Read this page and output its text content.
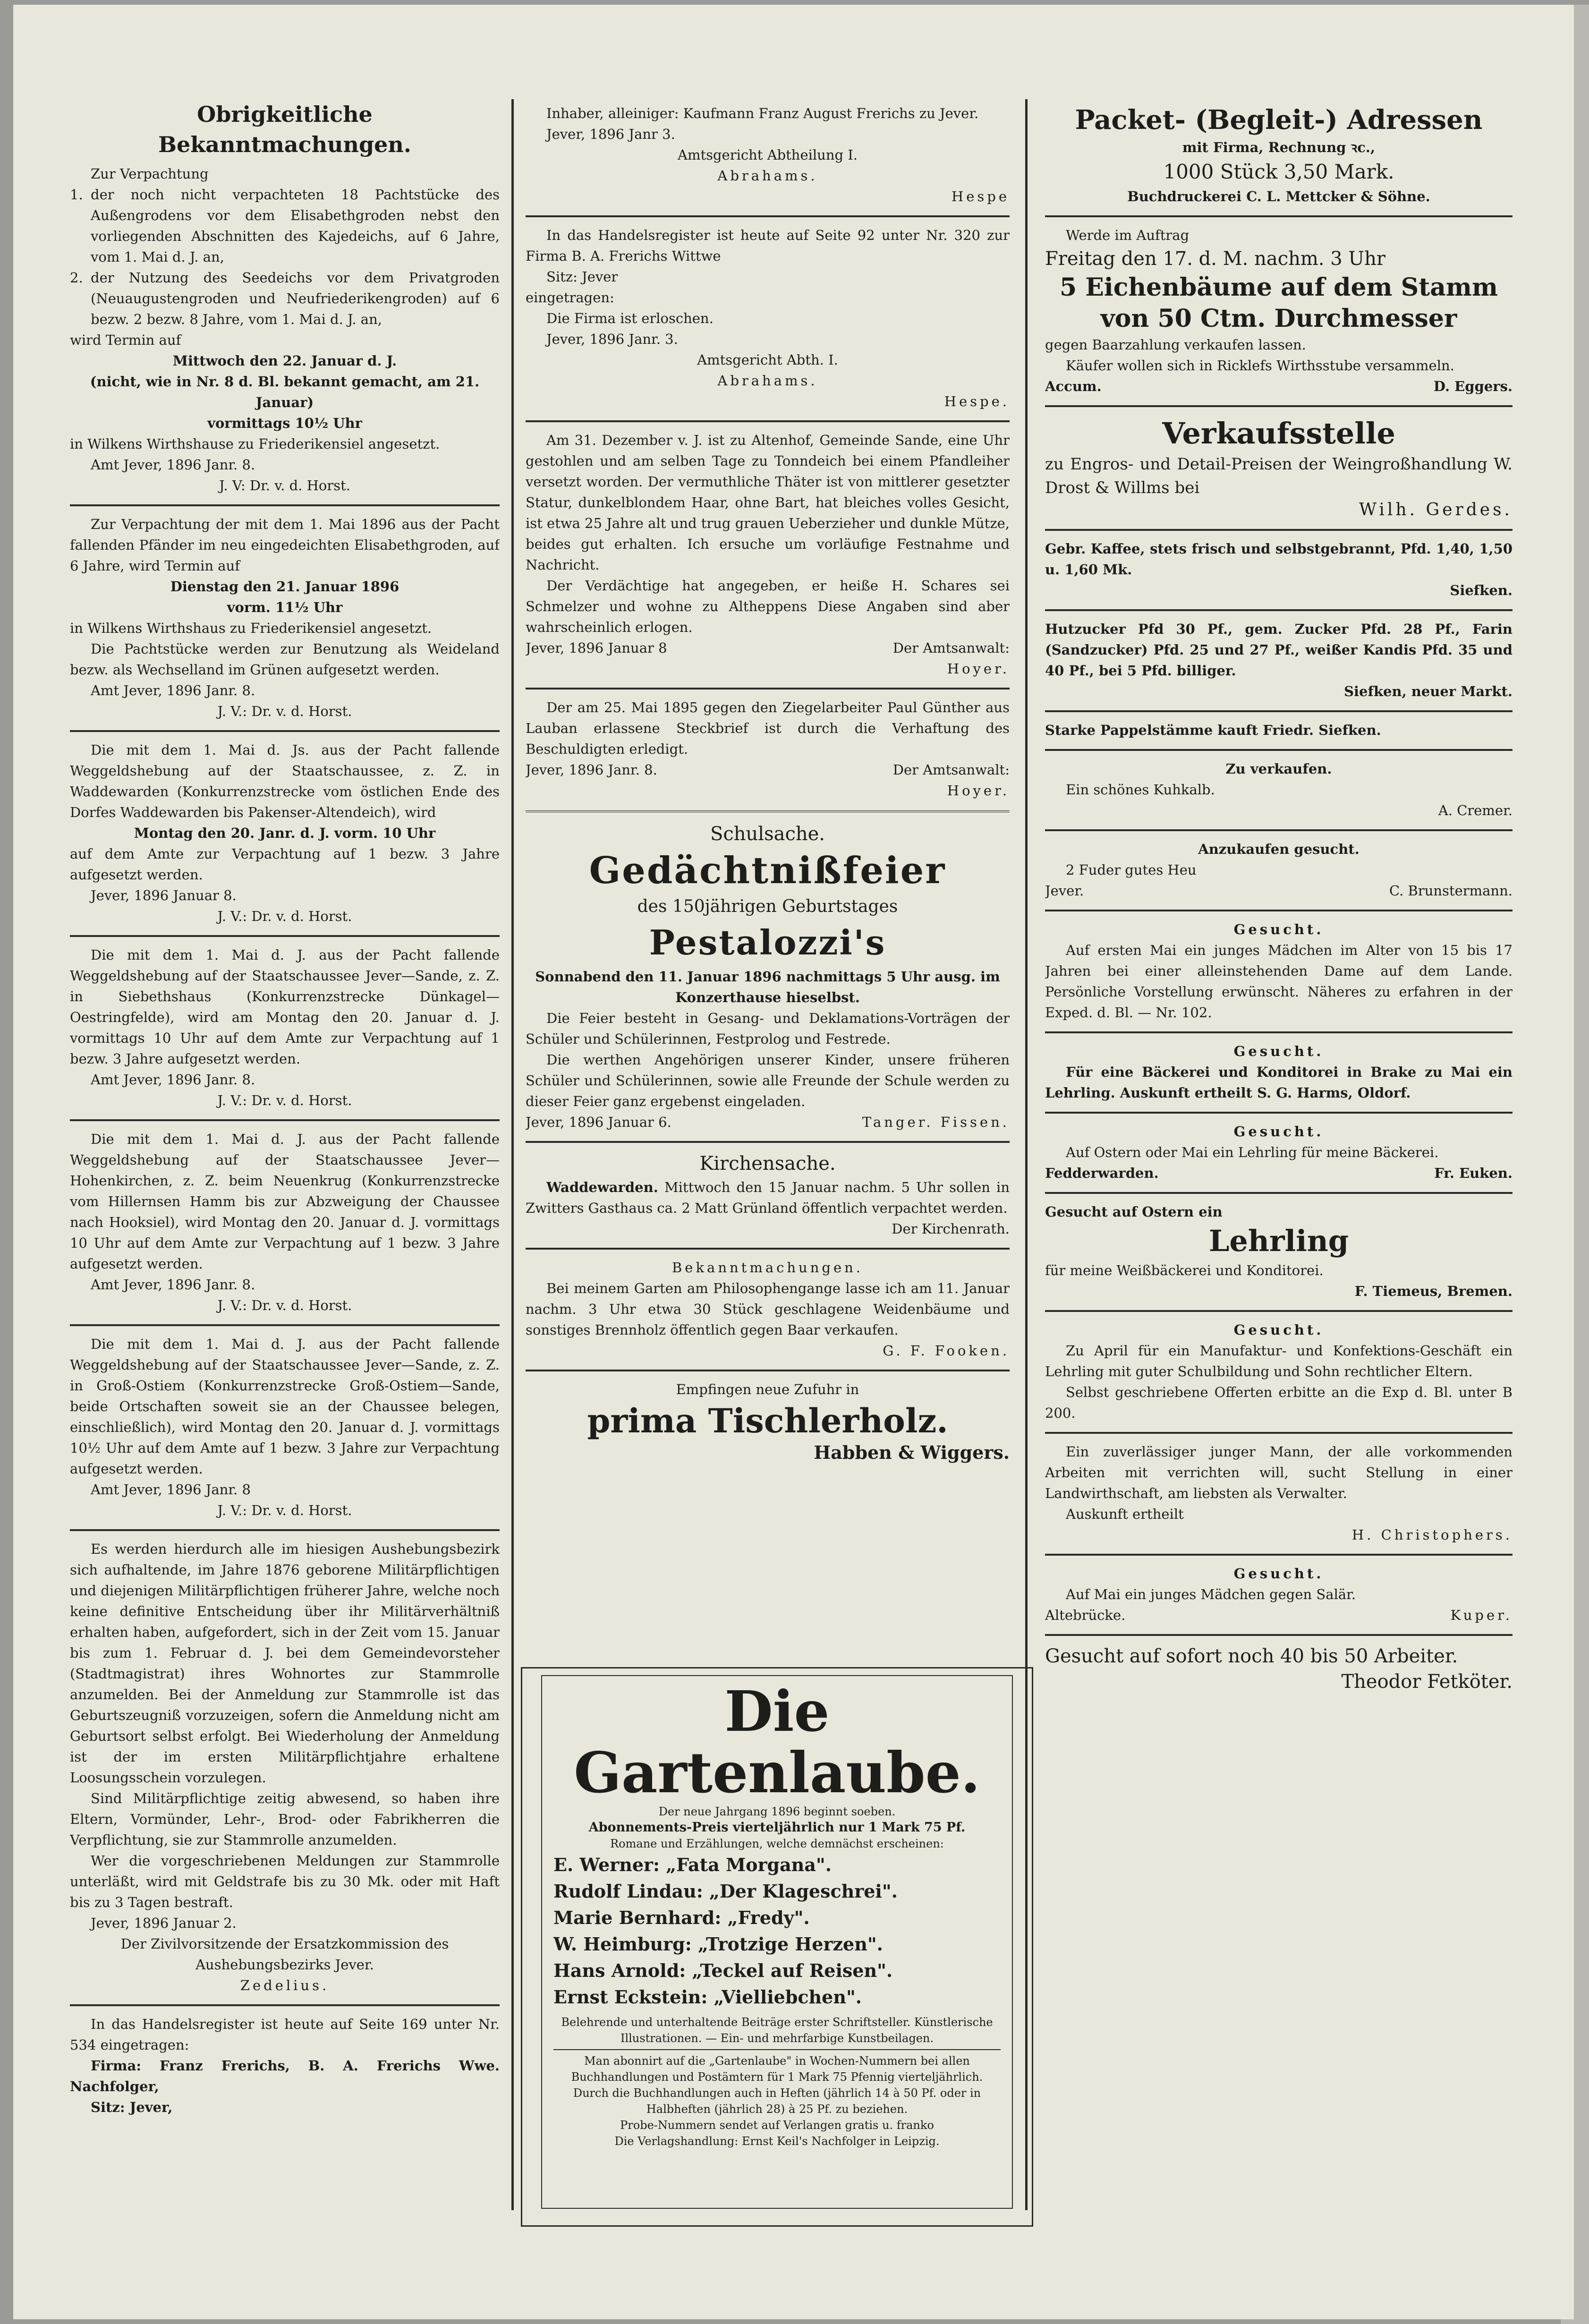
Obrigkeitliche Bekanntmachungen.

Zur Verpachtung

1. der noch nicht verpachteten 18 Pachtstücke des Außengrodens vor dem Elisabethgroden nebst den vorliegenden Abschnitten des Kajedeichs, auf 6 Jahre, vom 1. Mai d. J. an,
2. der Nutzung des Seedeichs vor dem Privatgroden (Neuaugustengroden und Neufriederikengroden) auf 6 bezw. 2 bezw. 8 Jahre, vom 1. Mai d. J. an,

wird Termin auf

Mittwoch den 22. Januar d. J.

(nicht, wie in Nr. 8 d. Bl. bekannt gemacht, am 21. Januar)

vormittags 10½ Uhr

in Wilkens Wirthshause zu Friederikensiel angesetzt.

Amt Jever, 1896 Janr. 8.

J. V: Dr. v. d. Horst.

Zur Verpachtung der mit dem 1. Mai 1896 aus der Pacht fallenden Pfänder im neu eingedeichten Elisabethgroden, auf 6 Jahre, wird Termin auf

Dienstag den 21. Januar 1896

vorm. 11½ Uhr

in Wilkens Wirthshaus zu Friederikensiel angesetzt.

Die Pachtstücke werden zur Benutzung als Weideland bezw. als Wechselland im Grünen aufgesetzt werden.

Amt Jever, 1896 Janr. 8.

J. V.: Dr. v. d. Horst.

Die mit dem 1. Mai d. Js. aus der Pacht fallende Weggeldshebung auf der Staatschaussee, z. Z. in Waddewarden (Konkurrenzstrecke vom östlichen Ende des Dorfes Waddewarden bis Pakenser-Altendeich), wird

Montag den 20. Janr. d. J. vorm. 10 Uhr

auf dem Amte zur Verpachtung auf 1 bezw. 3 Jahre aufgesetzt werden.

Jever, 1896 Januar 8.

J. V.: Dr. v. d. Horst.

Die mit dem 1. Mai d. J. aus der Pacht fallende Weggeldshebung auf der Staatschaussee Jever—Sande, z. Z. in Siebethshaus (Konkurrenzstrecke Dünkagel—Oestringfelde), wird am Montag den 20. Januar d. J. vormittags 10 Uhr auf dem Amte zur Verpachtung auf 1 bezw. 3 Jahre aufgesetzt werden.

Amt Jever, 1896 Janr. 8.

J. V.: Dr. v. d. Horst.

Die mit dem 1. Mai d. J. aus der Pacht fallende Weggeldshebung auf der Staatschaussee Jever—Hohenkirchen, z. Z. beim Neuenkrug (Konkurrenzstrecke vom Hillernsen Hamm bis zur Abzweigung der Chaussee nach Hooksiel), wird Montag den 20. Januar d. J. vormittags 10 Uhr auf dem Amte zur Verpachtung auf 1 bezw. 3 Jahre aufgesetzt werden.

Amt Jever, 1896 Janr. 8.

J. V.: Dr. v. d. Horst.

Die mit dem 1. Mai d. J. aus der Pacht fallende Weggeldshebung auf der Staatschaussee Jever—Sande, z. Z. in Groß-Ostiem (Konkurrenzstrecke Groß-Ostiem—Sande, beide Ortschaften soweit sie an der Chaussee belegen, einschließlich), wird Montag den 20. Januar d. J. vormittags 10½ Uhr auf dem Amte auf 1 bezw. 3 Jahre zur Verpachtung aufgesetzt werden.

Amt Jever, 1896 Janr. 8

J. V.: Dr. v. d. Horst.

Es werden hierdurch alle im hiesigen Aushebungsbezirk sich aufhaltende, im Jahre 1876 geborene Militärpflichtigen und diejenigen Militärpflichtigen früherer Jahre, welche noch keine definitive Entscheidung über ihr Militärverhältniß erhalten haben, aufgefordert, sich in der Zeit vom 15. Januar bis zum 1. Februar d. J. bei dem Gemeindevorsteher (Stadtmagistrat) ihres Wohnortes zur Stammrolle anzumelden. Bei der Anmeldung zur Stammrolle ist das Geburtszeugniß vorzuzeigen, sofern die Anmeldung nicht am Geburtsort selbst erfolgt. Bei Wiederholung der Anmeldung ist der im ersten Militärpflichtjahre erhaltene Loosungsschein vorzulegen.

Sind Militärpflichtige zeitig abwesend, so haben ihre Eltern, Vormünder, Lehr-, Brod- oder Fabrikherren die Verpflichtung, sie zur Stammrolle anzumelden.

Wer die vorgeschriebenen Meldungen zur Stammrolle unterläßt, wird mit Geldstrafe bis zu 30 Mk. oder mit Haft bis zu 3 Tagen bestraft.

Jever, 1896 Januar 2.

Der Zivilvorsitzende der Ersatzkommission des Aushebungsbezirks Jever.

Zedelius.

In das Handelsregister ist heute auf Seite 169 unter Nr. 534 eingetragen:

Firma: Franz Frerichs, B. A. Frerichs Wwe. Nachfolger,

Sitz: Jever,

Inhaber, alleiniger: Kaufmann Franz August Frerichs zu Jever.

Jever, 1896 Janr 3.

Amtsgericht Abtheilung I.

Abrahams.

Hespe

In das Handelsregister ist heute auf Seite 92 unter Nr. 320 zur Firma B. A. Frerichs Wittwe

Sitz: Jever

eingetragen:

Die Firma ist erloschen.

Jever, 1896 Janr. 3.

Amtsgericht Abth. I.

Abrahams.

Hespe.

Am 31. Dezember v. J. ist zu Altenhof, Gemeinde Sande, eine Uhr gestohlen und am selben Tage zu Tonndeich bei einem Pfandleiher versetzt worden. Der vermuthliche Thäter ist von mittlerer gesetzter Statur, dunkelblondem Haar, ohne Bart, hat bleiches volles Gesicht, ist etwa 25 Jahre alt und trug grauen Ueberzieher und dunkle Mütze, beides gut erhalten. Ich ersuche um vorläufige Festnahme und Nachricht.

Der Verdächtige hat angegeben, er heiße H. Schares sei Schmelzer und wohne zu Altheppens Diese Angaben sind aber wahrscheinlich erlogen.

Jever, 1896 Januar 8	Der Amtsanwalt:

Hoyer.

Der am 25. Mai 1895 gegen den Ziegelarbeiter Paul Günther aus Lauban erlassene Steckbrief ist durch die Verhaftung des Beschuldigten erledigt.

Jever, 1896 Janr. 8.	Der Amtsanwalt:

Hoyer.

Schulsache.

Gedächtnißfeier

des 150jährigen Geburtstages

Pestalozzi's

Sonnabend den 11. Januar 1896 nachmittags 5 Uhr ausg. im Konzerthause hieselbst.

Die Feier besteht in Gesang- und Deklamations-Vorträgen der Schüler und Schülerinnen, Festprolog und Festrede.

Die werthen Angehörigen unserer Kinder, unsere früheren Schüler und Schülerinnen, sowie alle Freunde der Schule werden zu dieser Feier ganz ergebenst eingeladen.

Jever, 1896 Januar 6.	Tanger. Fissen.

Kirchensache.

Waddewarden. Mittwoch den 15 Januar nachm. 5 Uhr sollen in Zwitters Gasthaus ca. 2 Matt Grünland öffentlich verpachtet werden.

Der Kirchenrath.

Bekanntmachungen.

Bei meinem Garten am Philosophengange lasse ich am 11. Januar nachm. 3 Uhr etwa 30 Stück geschlagene Weidenbäume und sonstiges Brennholz öffentlich gegen Baar verkaufen.

G. F. Fooken.

Empfingen neue Zufuhr in

prima Tischlerholz.

Habben & Wiggers.

Die Gartenlaube.

Der neue Jahrgang 1896 beginnt soeben.

Abonnements-Preis vierteljährlich nur 1 Mark 75 Pf.

Romane und Erzählungen, welche demnächst erscheinen:

E. Werner: „Fata Morgana".

Rudolf Lindau: „Der Klageschrei".

Marie Bernhard: „Fredy".

W. Heimburg: „Trotzige Herzen".

Hans Arnold: „Teckel auf Reisen".

Ernst Eckstein: „Vielliebchen".

Belehrende und unterhaltende Beiträge erster Schriftsteller. Künstlerische Illustrationen. — Ein- und mehrfarbige Kunstbeilagen.

Man abonnirt auf die „Gartenlaube" in Wochen-Nummern bei allen Buchhandlungen und Postämtern für 1 Mark 75 Pfennig vierteljährlich.

Durch die Buchhandlungen auch in Heften (jährlich 14 à 50 Pf. oder in Halbheften (jährlich 28) à 25 Pf. zu beziehen.

Probe-Nummern sendet auf Verlangen gratis u. franko

Die Verlagshandlung: Ernst Keil's Nachfolger in Leipzig.

Packet- (Begleit-) Adressen

mit Firma, Rechnung ꝛc.,

1000 Stück 3,50 Mark.

Buchdruckerei C. L. Mettcker & Söhne.

Werde im Auftrag

Freitag den 17. d. M. nachm. 3 Uhr

5 Eichenbäume auf dem Stamm von 50 Ctm. Durchmesser

gegen Baarzahlung verkaufen lassen.

Käufer wollen sich in Ricklefs Wirthsstube versammeln.

Accum.	D. Eggers.

Verkaufsstelle

zu Engros- und Detail-Preisen der Weingroßhandlung W. Drost & Willms bei

Wilh. Gerdes.

Gebr. Kaffee, stets frisch und selbstgebrannt, Pfd. 1,40, 1,50 u. 1,60 Mk.

Siefken.

Hutzucker Pfd 30 Pf., gem. Zucker Pfd. 28 Pf., Farin (Sandzucker) Pfd. 25 und 27 Pf., weißer Kandis Pfd. 35 und 40 Pf., bei 5 Pfd. billiger.

Siefken, neuer Markt.

Starke Pappelstämme kauft Friedr. Siefken.

Zu verkaufen.

Ein schönes Kuhkalb.

A. Cremer.

Anzukaufen gesucht.

2 Fuder gutes Heu

Jever.	C. Brunstermann.

Gesucht.

Auf ersten Mai ein junges Mädchen im Alter von 15 bis 17 Jahren bei einer alleinstehenden Dame auf dem Lande. Persönliche Vorstellung erwünscht. Näheres zu erfahren in der Exped. d. Bl. — Nr. 102.

Gesucht.

Für eine Bäckerei und Konditorei in Brake zu Mai ein Lehrling. Auskunft ertheilt S. G. Harms, Oldorf.

Gesucht.

Auf Ostern oder Mai ein Lehrling für meine Bäckerei.

Fedderwarden.	Fr. Euken.

Gesucht auf Ostern ein

Lehrling

für meine Weißbäckerei und Konditorei.

F. Tiemeus, Bremen.

Gesucht.

Zu April für ein Manufaktur- und Konfektions-Geschäft ein Lehrling mit guter Schulbildung und Sohn rechtlicher Eltern.

Selbst geschriebene Offerten erbitte an die Exp d. Bl. unter B 200.

Ein zuverlässiger junger Mann, der alle vorkommenden Arbeiten mit verrichten will, sucht Stellung in einer Landwirthschaft, am liebsten als Verwalter.

Auskunft ertheilt

H. Christophers.

Gesucht.

Auf Mai ein junges Mädchen gegen Salär.

Altebrücke.	Kuper.

Gesucht auf sofort noch 40 bis 50 Arbeiter.

Theodor Fetköter.
